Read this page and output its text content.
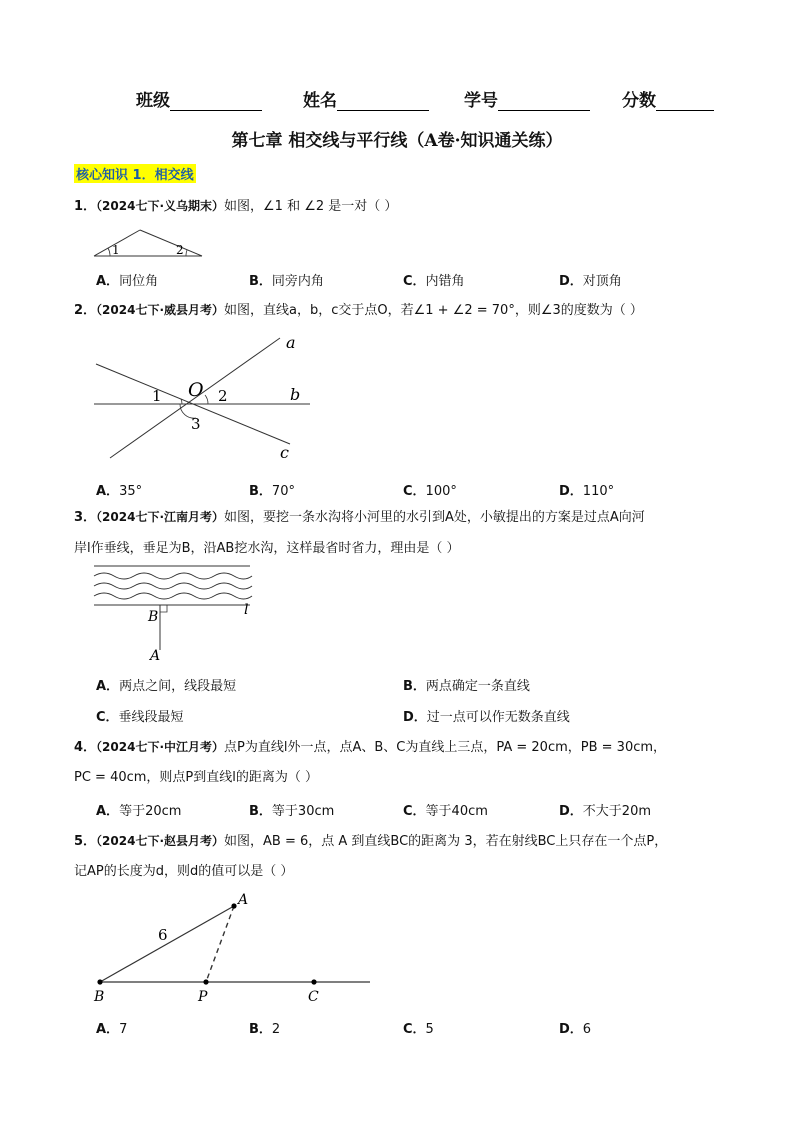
班级	姓名	学号	分数
第七章 相交线与平行线（A卷·知识通关练）
核心知识 1．相交线
1．（2024七下·义乌期末）如图，∠1 和 ∠2 是一对（ ）
1	2
A．同位角	B．同旁内角	C．内错角	D．对顶角
2．（2024七下·威县月考）如图，直线a，b，c交于点O，若∠1 + ∠2 = 70°，则∠3的度数为（ ）
a
b
c
O
1	2
3
A．35°	B．70°	C．100°	D．110°
3．（2024七下·江南月考）如图，要挖一条水沟将小河里的水引到A处，小敏提出的方案是过点A向河
岸l作垂线，垂足为B，沿AB挖水沟，这样最省时省力，理由是（ ）
B
A
l
A．两点之间，线段最短	B．两点确定一条直线
C．垂线段最短	D．过一点可以作无数条直线
4．（2024七下·中江月考）点P为直线l外一点，点A、B、C为直线上三点，PA = 20cm，PB = 30cm，
PC = 40cm，则点P到直线l的距离为（ ）
A．等于20cm	B．等于30cm	C．等于40cm	D．不大于20m
5．（2024七下·赵县月考）如图，AB = 6，点 A 到直线BC的距离为 3，若在射线BC上只存在一个点P，
记AP的长度为d，则d的值可以是（ ）
A
B	P	C
6
A．7	B．2	C．5	D．6
